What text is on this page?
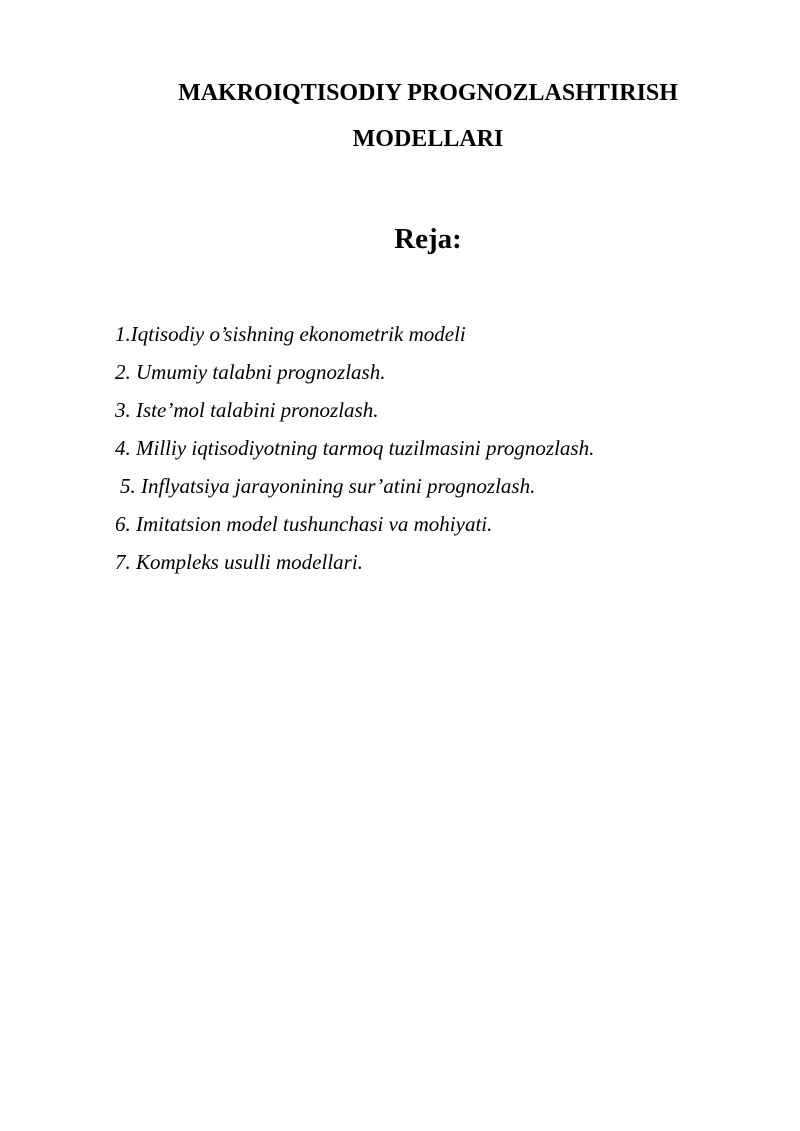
MAKROIQTISODIY PROGNOZLASHTIRISH
MODELLARI
Reja:
1.Iqtisodiy o’sishning ekonometrik modeli
2. Umumiy talabni prognozlash.
3. Iste’mol talabini pronozlash.
4. Milliy iqtisodiyotning tarmoq tuzilmasini prognozlash.
5. Inflyatsiya jarayonining sur’atini prognozlash.
6. Imitatsion model tushunchasi va mohiyati.
7. Kompleks usulli modellari.
